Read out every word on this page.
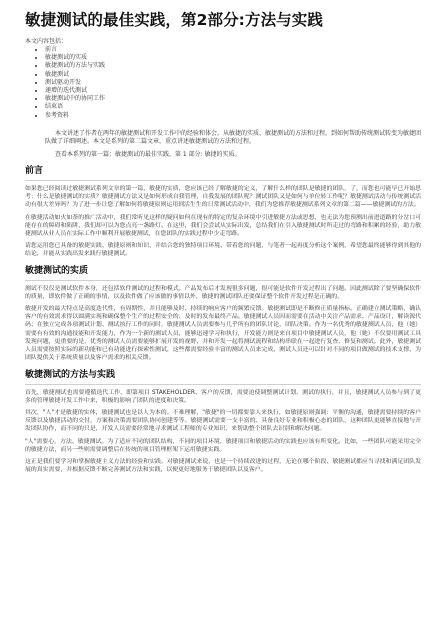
敏捷测试的最佳实践，第2部分:方法与实践

本文内容包括：

• 前言
• 敏捷测试的实质
• 敏捷测试的方法与实践
• 敏捷测试
• 测试驱动开发
• 递增的迭代测试
• 敏捷测试中的协同工作
• 结束语
• 参考资料

本文讲述了作者在两年的敏捷测试和开发工作中的经验和体会。从敏捷的实质、敏捷测试的方法和过程，到如何帮助传统测试转变为敏捷团队做了详细阐述。本文是系列的第二篇文章，重点讲述敏捷测试的方法和过程。

查看本系列的第一篇：敏捷测试的最佳实践，第 1 部分: 敏捷的实质。

前言

如果您已经阅读过敏捷测试系列文章的第一篇，敏捷的实质，您应该已经了解敏捷的定义，了解什么样的团队是敏捷的团队，了，而您也可能早已开始思考：什么是敏捷测试的实质？敏捷测试方法又是如何形成自我管理，自我发展的团队呢？测试团队又是如何与单位转工作呢？敏捷测试活动与传统测试活动有很大差异吗？为了进一步让您了解如何将敏捷原则运用到活生生的日常测试活动中，我们为您推荐敏捷测试系列文章的第二篇——敏捷测试的方法。

在敏捷活动如火如荼的推广活动中，我们常听见这样的疑问如何在现有的特定的复杂环境中引进敏捷方法或思想，也无法为您预测出前进道路的分岔口可能存在的障碍和陷阱，我们却可以为您点亮一盏路灯。在这里，我们会尝试从实际出发，总结我们在引入敏捷测试时所走过的弯路和积累的经验，助力敏捷测试从业人员在实际工作中顺利开展敏捷测试，在您团队的实践过程中少走弯路。

请您运用您已具备的敏捷实践、敏捷原则和知识，并结合您的独特项目环境、带着您的问题，与笔者一起再度分析这个案例，希望您最终能够得到其他的结论，并能从实践出发来践行敏捷测试。

敏捷测试的实质

测试不仅仅是测试软件本身，还包括软件测试的过程和模式。产品发布后才发现很多问题，很可能是软件开发过程出了问题。因此测试除了要坚确保软件的质量，即软件做了正确的事情，以及软件做了应该做的事情以外，敏捷的测试团队还要保证整个软件开发过程是正确的。

敏捷开发的最大特点是高度迭代性，有周期性，并且能够及时、持续的响应客户的频繁反馈。敏捷测试即是不断修正质量指标，正确建立测试策略，确认客户的有效需求得以圆满实现和确保整个生产的过程安全的、及时的发布最终产品。敏捷测试人员因而需要在活动中关注产品需求、产品设计，解读源代码；在独立完成各项测试计划、测试执行工作的同时，敏捷测试人员需要参与几乎所有的团队讨论，团队决策。作为一名优秀的敏捷测试人员，他（她）需要有有效的沟通技能和开发能力，作为一个新的测试人员，能够迅速学习和执行，开发能力则是来自项目中敏捷测试人员，他（她）不仅要用测试工具发现问题，更重要的是，优秀的测试人员需要能够扩展开发的视野，并和开发一起将测试流程和结构串联在一起进行复查、修复和测试。此外，敏捷测试人员需要按照实际的新功能和已有功能进行探索性测试，这些都需要经验丰富的测试人员来完成，测试人员还可以针对不同的项目做测试的技术支撑，为团队提供关于系统质量以及客户需求的相关反馈。

敏捷测试的方法与实践

首先，敏捷测试也需要遵循迭代工作、即第项目 STAKEHOLDER、客户的反馈，需要迫使调整测试计划、测试的执行，并且，敏捷测试人员参与到了更多的管理敏捷开发工作中来，积极的影响了团队的进度和决策。

其次，"人"才是敏捷的实体，敏捷测试也是以人为本的。不难理解，"敏捷"的一切都要靠人来执行，如敏捷原则强调：平衡的沟通，敏捷需要持续的客户反馈以及敏捷活动的交付，方案和决策需要团队协同创建等等。敏捷测试需要一支丰富的、具备良好专业和积极心态的团队，这种团队更能够直接地与开发团队协作，而不同的只是，开发人员需要经常地寻求测试工程师的专业知识，来帮助整个团队去识别和解决问题。

"人"需要心，方法、敏捷测试。为了适应不同的团队结构，不同的项目环境，敏捷项目和敏捷活动的实践也应该有所变化。比如，一些团队可能采用完全的敏捷方法，而另一些则需要调整后在传统的项目管理框架下运用敏捷实践。

这正是我们要学习和掌握敏捷主义方法的经验和实践。对敏捷测试来说，也是一个持续改进的过程，无论在哪个阶段、敏捷测试都应当寻找和满足团队发展的真实需要，并根据反馈不断完善测试方法和实践，以便更好地服务于敏捷团队以及客户。
